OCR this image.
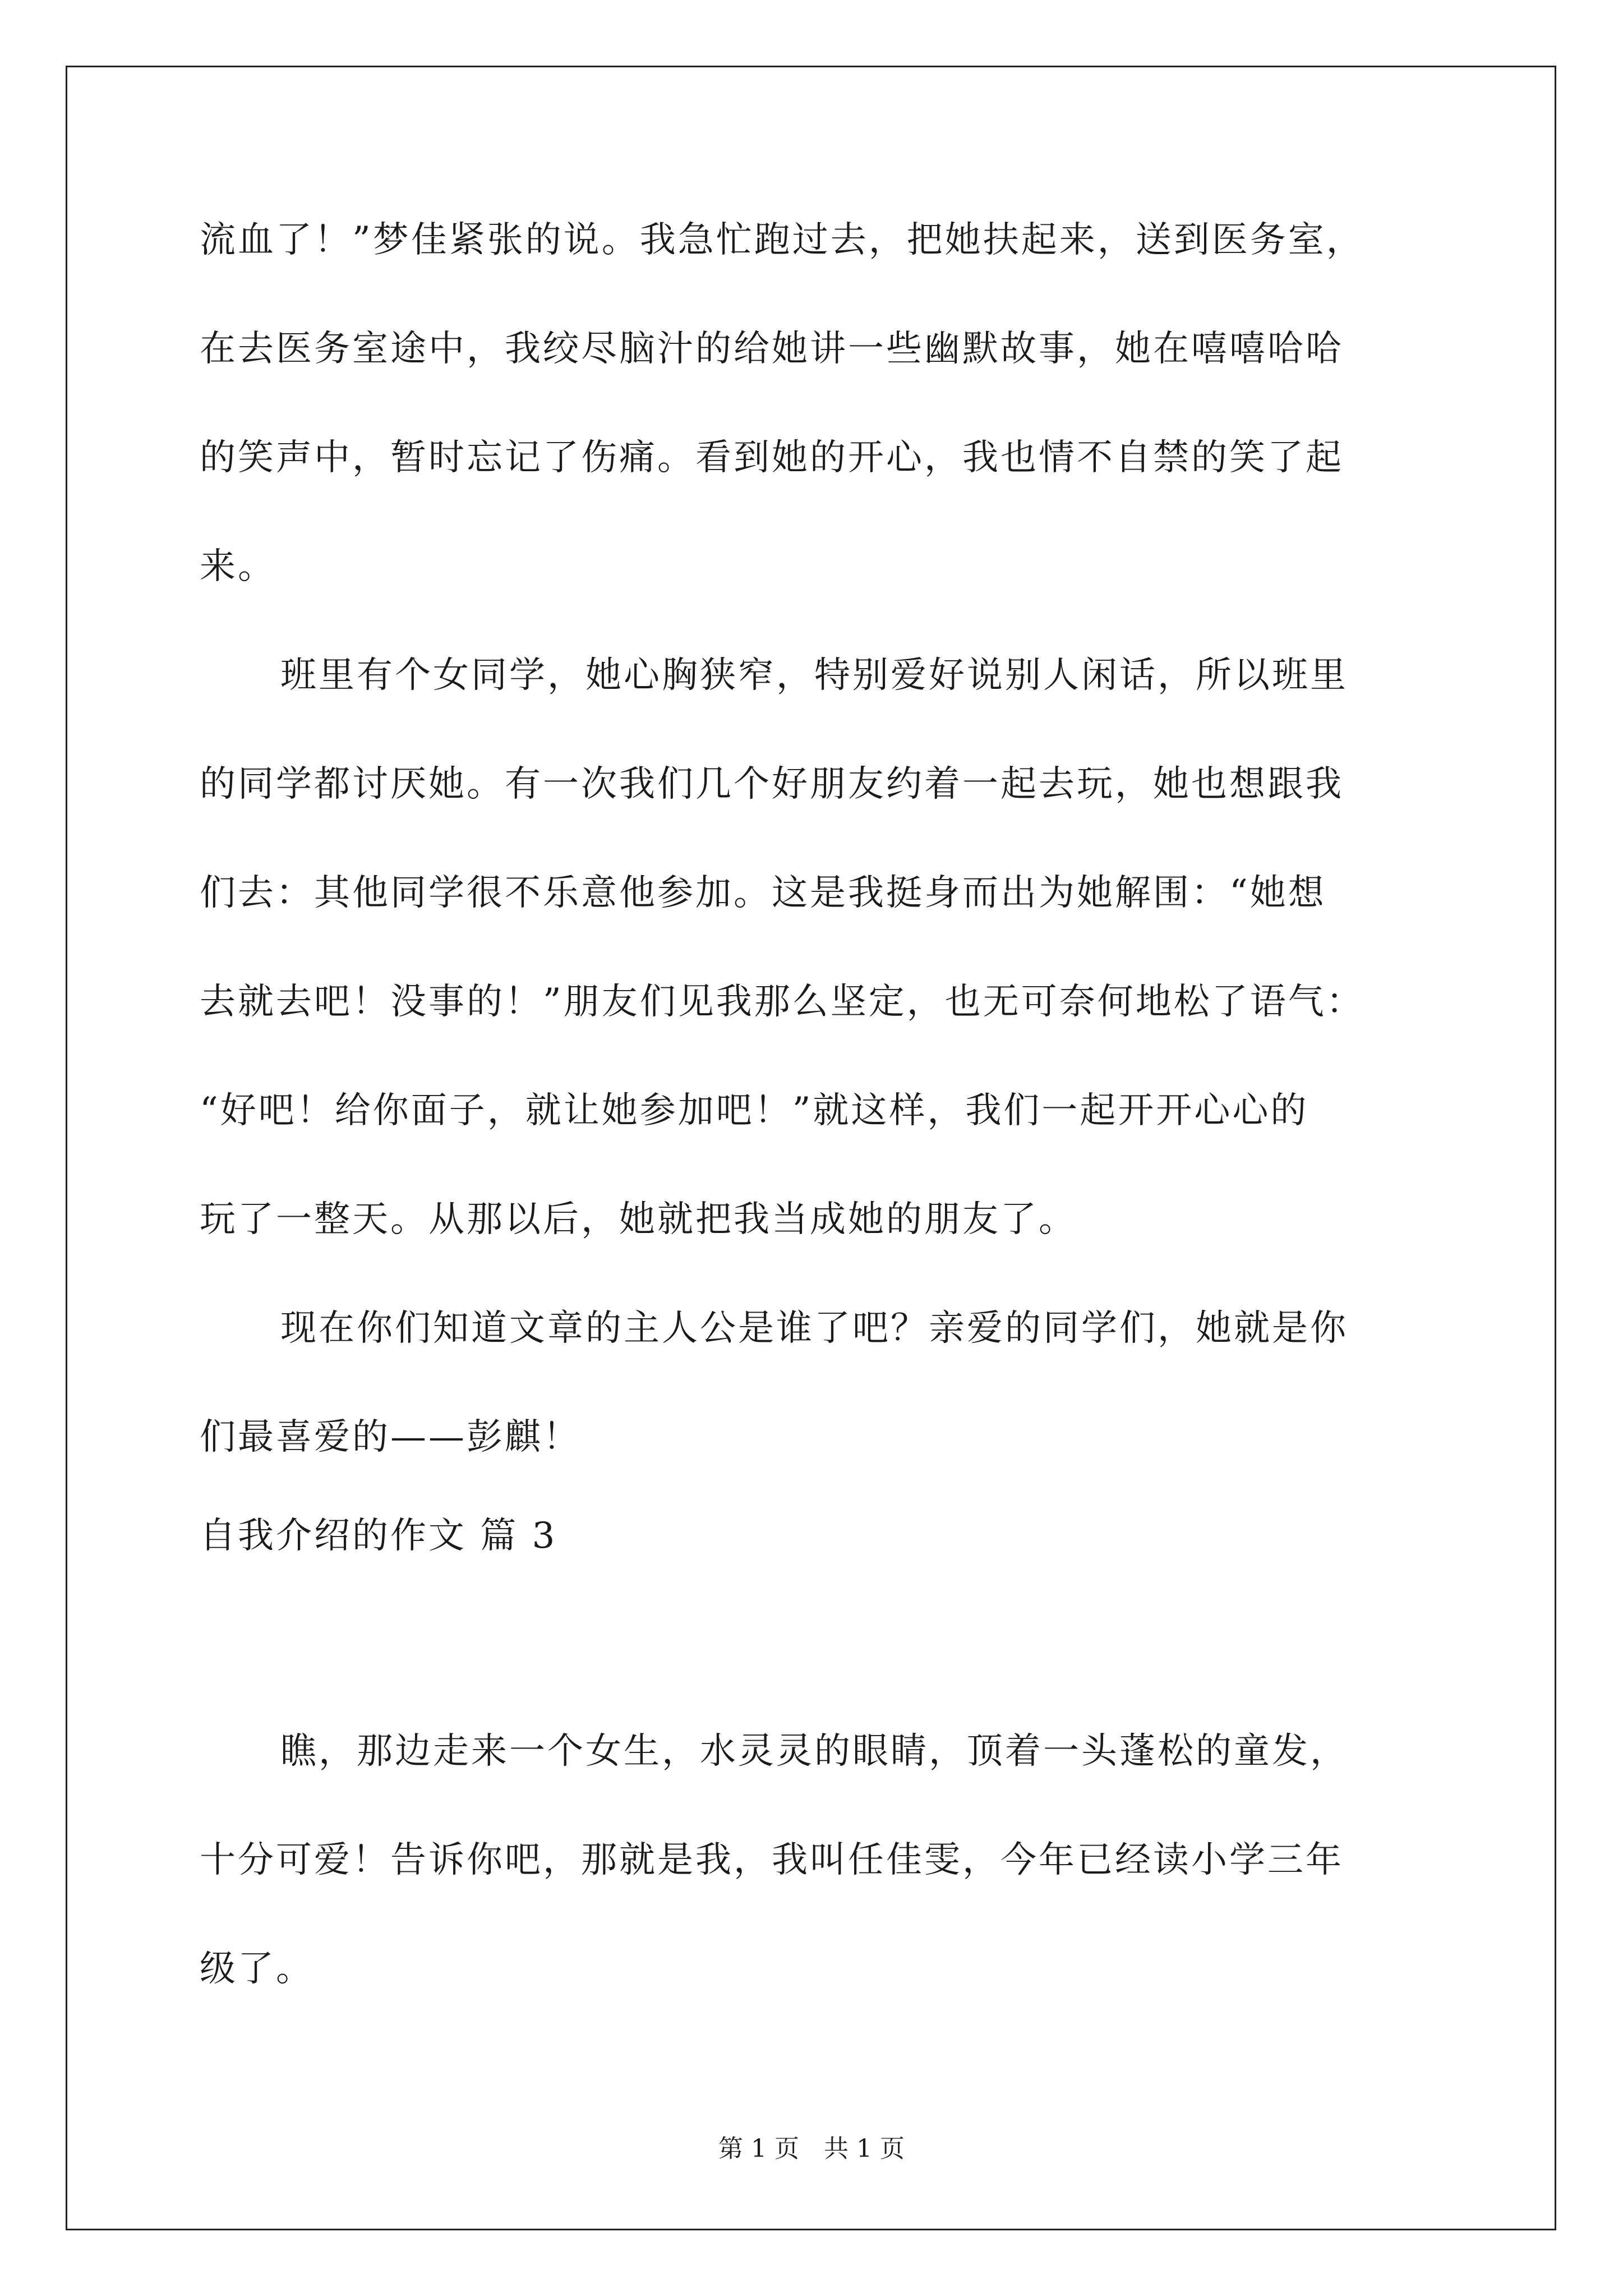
流血了！”梦佳紧张的说。我急忙跑过去，把她扶起来，送到医务室，
在去医务室途中，我绞尽脑汁的给她讲一些幽默故事，她在嘻嘻哈哈
的笑声中，暂时忘记了伤痛。看到她的开心，我也情不自禁的笑了起
来。
班里有个女同学，她心胸狭窄，特别爱好说别人闲话，所以班里
的同学都讨厌她。有一次我们几个好朋友约着一起去玩，她也想跟我
们去：其他同学很不乐意他参加。这是我挺身而出为她解围：“她想
去就去吧！没事的！”朋友们见我那么坚定，也无可奈何地松了语气：
“好吧！给你面子，就让她参加吧！”就这样，我们一起开开心心的
玩了一整天。从那以后，她就把我当成她的朋友了。
现在你们知道文章的主人公是谁了吧？亲爱的同学们，她就是你
们最喜爱的——彭麒！
自我介绍的作文 篇 3
瞧，那边走来一个女生，水灵灵的眼睛，顶着一头蓬松的童发，
十分可爱！告诉你吧，那就是我，我叫任佳雯，今年已经读小学三年
级了。
第 1 页　共 1 页
